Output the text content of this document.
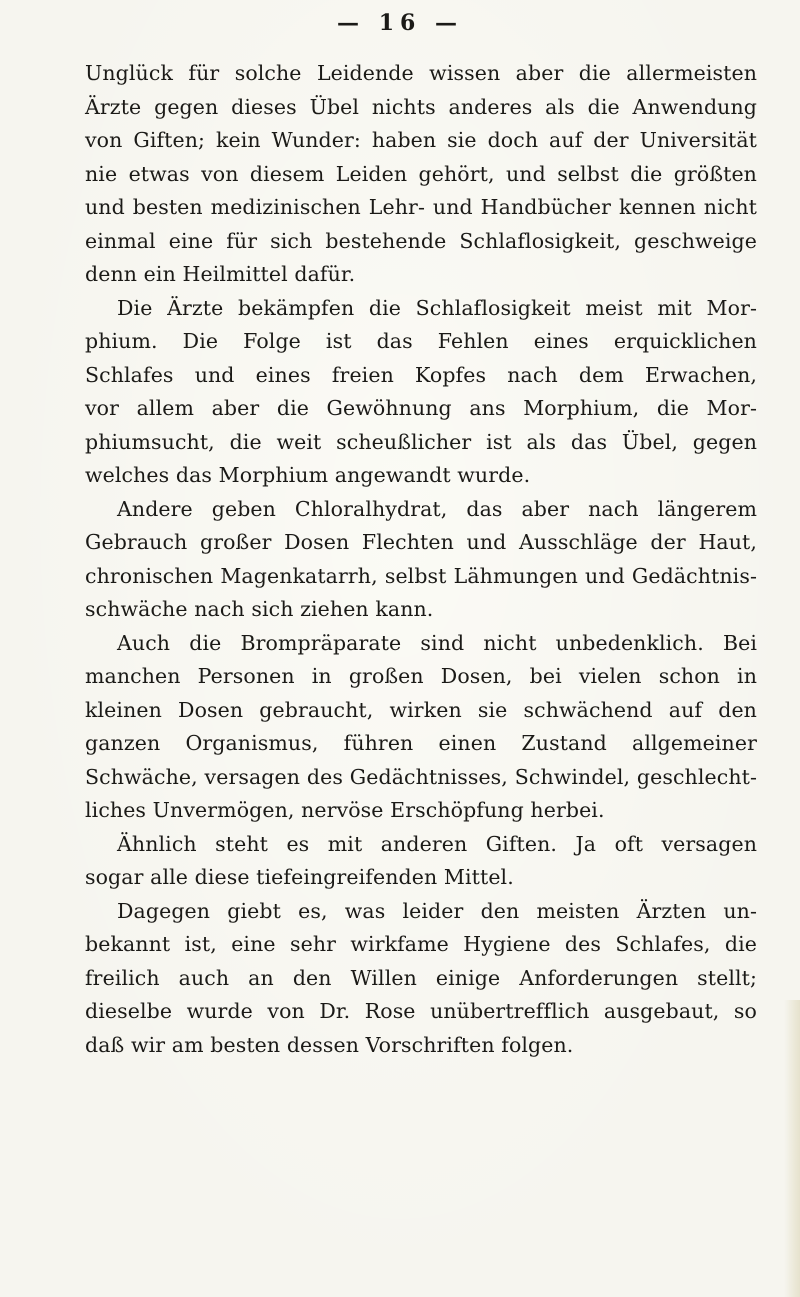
— 16 —
Unglück für solche Leidende wissen aber die allermeisten
Ärzte gegen dieses Übel nichts anderes als die Anwendung
von Giften; kein Wunder: haben sie doch auf der Universität
nie etwas von diesem Leiden gehört, und selbst die größten
und besten medizinischen Lehr- und Handbücher kennen nicht
einmal eine für sich bestehende Schlaflosigkeit, geschweige
denn ein Heilmittel dafür.
Die Ärzte bekämpfen die Schlaflosigkeit meist mit Mor-
phium. Die Folge ist das Fehlen eines erquicklichen
Schlafes und eines freien Kopfes nach dem Erwachen,
vor allem aber die Gewöhnung ans Morphium, die Mor-
phiumsucht, die weit scheußlicher ist als das Übel, gegen
welches das Morphium angewandt wurde.
Andere geben Chloralhydrat, das aber nach längerem
Gebrauch großer Dosen Flechten und Ausschläge der Haut,
chronischen Magenkatarrh, selbst Lähmungen und Gedächtnis-
schwäche nach sich ziehen kann.
Auch die Brompräparate sind nicht unbedenklich. Bei
manchen Personen in großen Dosen, bei vielen schon in
kleinen Dosen gebraucht, wirken sie schwächend auf den
ganzen Organismus, führen einen Zustand allgemeiner
Schwäche, versagen des Gedächtnisses, Schwindel, geschlecht-
liches Unvermögen, nervöse Erschöpfung herbei.
Ähnlich steht es mit anderen Giften. Ja oft versagen
sogar alle diese tiefeingreifenden Mittel.
Dagegen giebt es, was leider den meisten Ärzten un-
bekannt ist, eine sehr wirkfame Hygiene des Schlafes, die
freilich auch an den Willen einige Anforderungen stellt;
dieselbe wurde von Dr. Rose unübertrefflich ausgebaut, so
daß wir am besten dessen Vorschriften folgen.
